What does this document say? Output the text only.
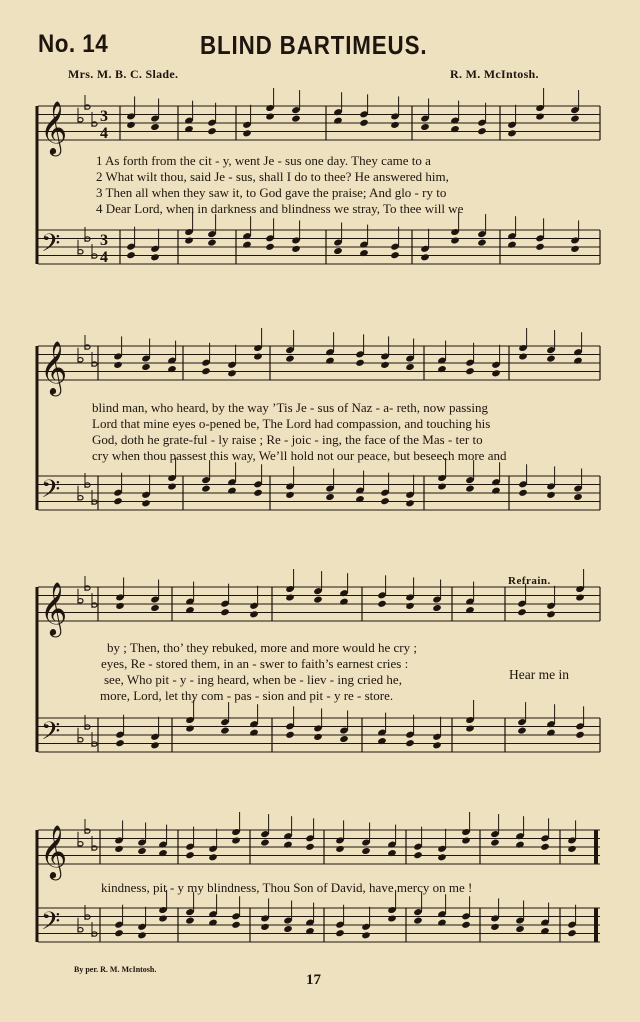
No. 14	BLIND BARTIMEUS.
Mrs. M. B. C. Slade.	R. M. McIntosh.
𝄞
𝄢
3
4
3
4
𝄞
𝄢
𝄞
𝄢
𝄞
𝄢
1 As forth from the cit - y, went Je - sus one day. They came to a
2 What wilt thou, said Je - sus, shall I do to thee? He answered him,
3 Then all when they saw it, to God gave the praise; And glo - ry to
4 Dear Lord, when in darkness and blindness we stray, To thee will we
blind man, who heard, by the way ’Tis Je - sus of Naz - a- reth, now passing
Lord that mine eyes o-pened be, The Lord had compassion, and touching his
God, doth he grate-ful - ly raise ; Re - joic - ing, the face of the Mas - ter to
cry when thou passest this way, We’ll hold not our peace, but beseech more and
by ; Then, tho’ they rebuked, more and more would he cry ;
eyes, Re - stored them, in an - swer to faith’s earnest cries :
see, Who pit - y - ing heard, when be - liev - ing cried he,
more, Lord, let thy com - pas - sion and pit - y re - store.
kindness, pit - y my blindness, Thou Son of David, have mercy on me !
Refrain.
Hear me in
By per. R. M. McIntosh.
17
